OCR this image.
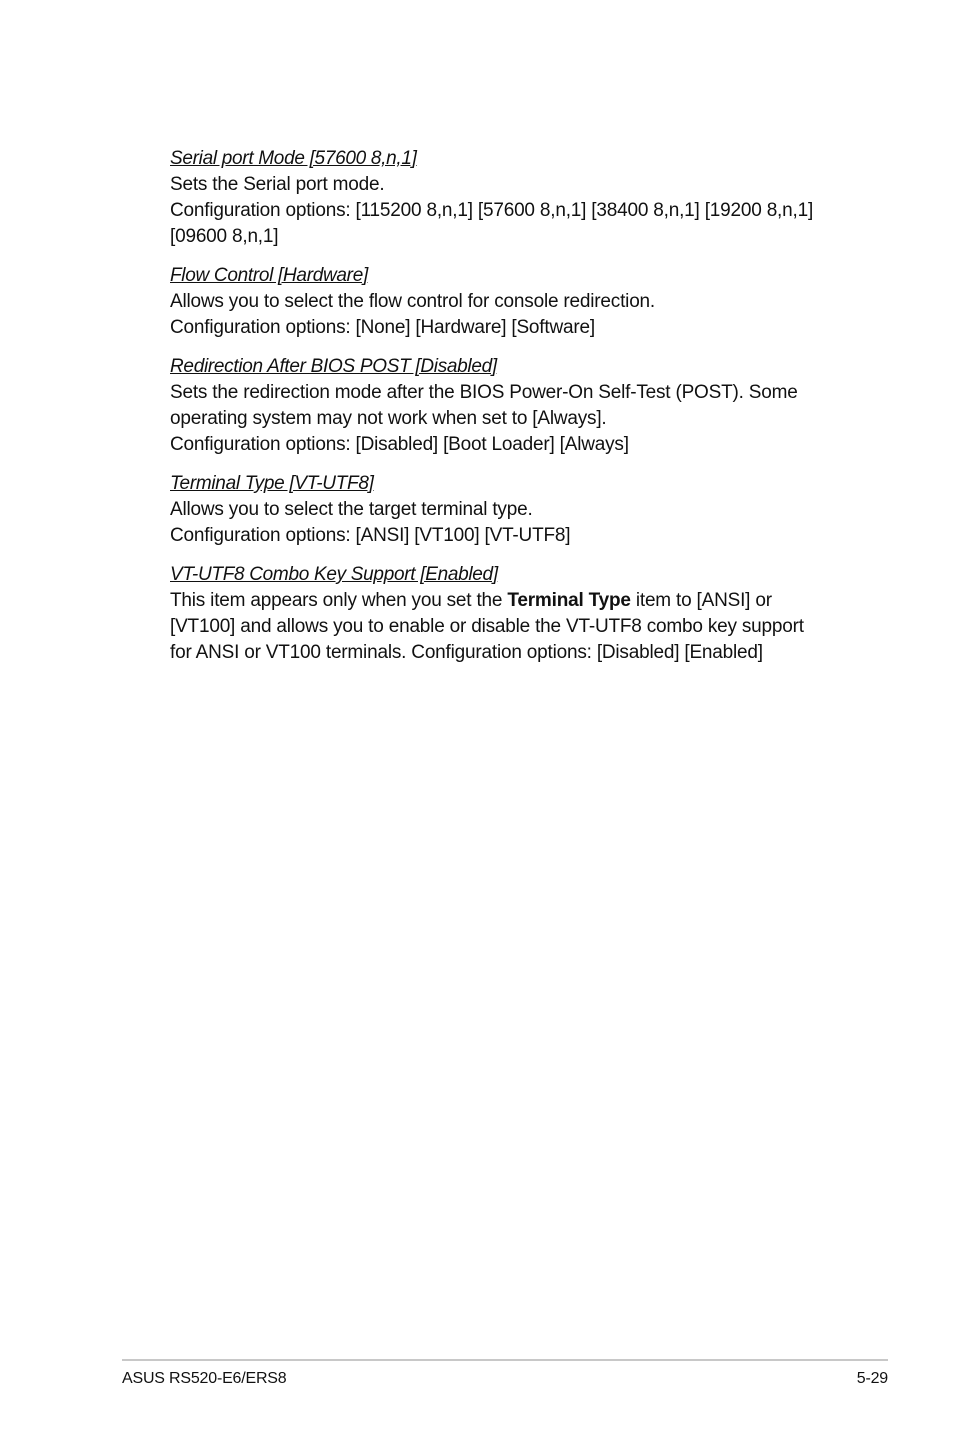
Serial port Mode [57600 8,n,1]
Sets the Serial port mode.
Configuration options: [115200 8,n,1] [57600 8,n,1] [38400 8,n,1] [19200 8,n,1]
[09600 8,n,1]
Flow Control [Hardware]
Allows you to select the flow control for console redirection.
Configuration options: [None] [Hardware] [Software]
Redirection After BIOS POST [Disabled]
Sets the redirection mode after the BIOS Power-On Self-Test (POST). Some
operating system may not work when set to [Always].
Configuration options: [Disabled] [Boot Loader] [Always]
Terminal Type [VT-UTF8]
Allows you to select the target terminal type.
Configuration options: [ANSI] [VT100] [VT-UTF8]
VT-UTF8 Combo Key Support [Enabled]
This item appears only when you set the Terminal Type item to [ANSI] or
[VT100] and allows you to enable or disable the VT-UTF8 combo key support
for ANSI or VT100 terminals. Configuration options: [Disabled] [Enabled]
ASUS RS520-E6/ERS8	5-29
